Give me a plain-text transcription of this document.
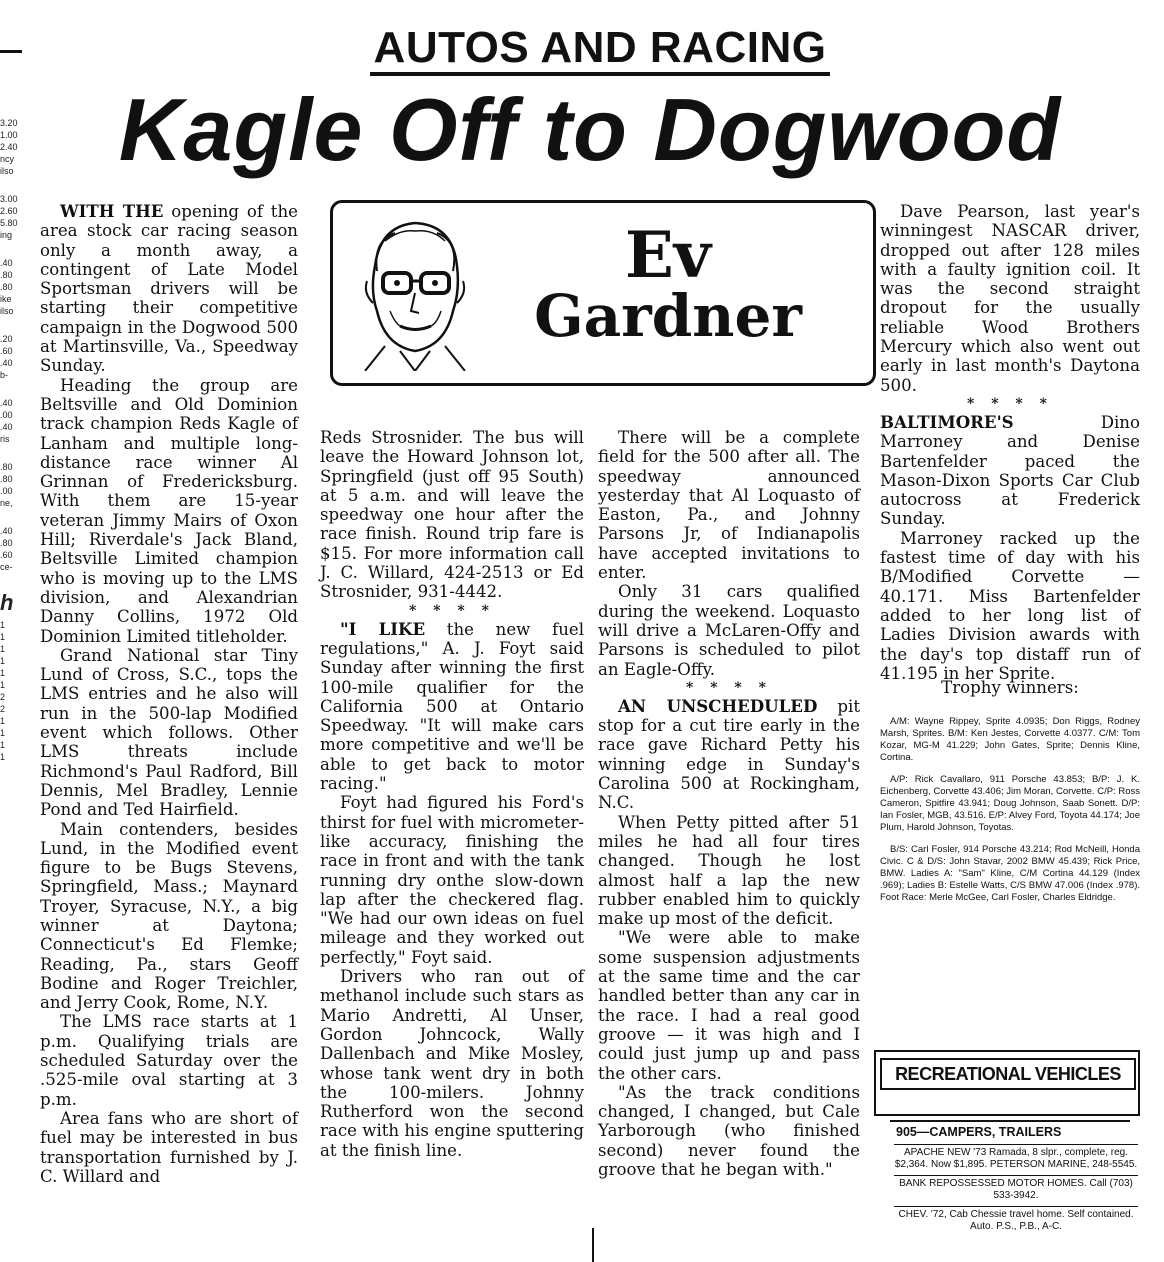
3.20
1.00
2.40
ncy
ilso
3.00
2.60
5.80
ing
.40
.80
.80
ike
ilso
.20
.60
.40
b-
.40
.00
.40
ris
.80
.80
.00
ne,
.40
.80
.60
ce-
h
1
1
1
1
1
1
2
2
1
1
1
1
AUTOS AND RACING
Kagle Off to Dogwood
Ev
Gardner

WITH THE opening of the area stock car racing season only a month away, a contingent of Late Model Sportsman drivers will be starting their competitive campaign in the Dogwood 500 at Martinsville, Va., Speedway Sunday.

Heading the group are Beltsville and Old Dominion track champion Reds Kagle of Lanham and multiple long-distance race winner Al Grinnan of Fredericksburg. With them are 15-year veteran Jimmy Mairs of Oxon Hill; Riverdale's Jack Bland, Beltsville Limited champion who is moving up to the LMS division, and Alexandrian Danny Collins, 1972 Old Dominion Limited titleholder.

Grand National star Tiny Lund of Cross, S.C., tops the LMS entries and he also will run in the 500-lap Modified event which follows. Other LMS threats include Richmond's Paul Radford, Bill Dennis, Mel Bradley, Lennie Pond and Ted Hairfield.

Main contenders, besides Lund, in the Modified event figure to be Bugs Stevens, Springfield, Mass.; Maynard Troyer, Syracuse, N.Y., a big winner at Daytona; Connecticut's Ed Flemke; Reading, Pa., stars Geoff Bodine and Roger Treichler, and Jerry Cook, Rome, N.Y.

The LMS race starts at 1 p.m. Qualifying trials are scheduled Saturday over the .525-mile oval starting at 3 p.m.

Area fans who are short of fuel may be interested in bus transportation furnished by J. C. Willard and

Reds Strosnider. The bus will leave the Howard Johnson lot, Springfield (just off 95 South) at 5 a.m. and will leave the speedway one hour after the race finish. Round trip fare is $15. For more information call J. C. Willard, 424-2513 or Ed Strosnider, 931-4442.

* * * *

"I LIKE the new fuel regulations," A. J. Foyt said Sunday after winning the first 100-mile qualifier for the California 500 at Ontario Speedway. "It will make cars more competitive and we'll be able to get back to motor racing."

Foyt had figured his Ford's thirst for fuel with micrometer-like accuracy, finishing the race in front and with the tank running dry onthe slow-down lap after the checkered flag. "We had our own ideas on fuel mileage and they worked out perfectly," Foyt said.

Drivers who ran out of methanol include such stars as Mario Andretti, Al Unser, Gordon Johncock, Wally Dallenbach and Mike Mosley, whose tank went dry in both the 100-milers. Johnny Rutherford won the second race with his engine sputtering at the finish line.

There will be a complete field for the 500 after all. The speedway announced yesterday that Al Loquasto of Easton, Pa., and Johnny Parsons Jr, of Indianapolis have accepted invitations to enter.

Only 31 cars qualified during the weekend. Loquasto will drive a McLaren-Offy and Parsons is scheduled to pilot an Eagle-Offy.

* * * *

AN UNSCHEDULED pit stop for a cut tire early in the race gave Richard Petty his winning edge in Sunday's Carolina 500 at Rockingham, N.C.

When Petty pitted after 51 miles he had all four tires changed. Though he lost almost half a lap the new rubber enabled him to quickly make up most of the deficit.

"We were able to make some suspension adjustments at the same time and the car handled better than any car in the race. I had a real good groove — it was high and I could just jump up and pass the other cars.

"As the track conditions changed, I changed, but Cale Yarborough (who finished second) never found the groove that he began with."

Dave Pearson, last year's winningest NASCAR driver, dropped out after 128 miles with a faulty ignition coil. It was the second straight dropout for the usually reliable Wood Brothers Mercury which also went out early in last month's Daytona 500.

* * * *

BALTIMORE'S Dino Marroney and Denise Bartenfelder paced the Mason-Dixon Sports Car Club autocross at Frederick Sunday.

Marroney racked up the fastest time of day with his B/Modified Corvette — 40.171. Miss Bartenfelder added to her long list of Ladies Division awards with the day's top distaff run of 41.195 in her Sprite.

Trophy winners:

A/M: Wayne Rippey, Sprite 4.0935; Don Riggs, Rodney Marsh, Sprites. B/M: Ken Jestes, Corvette 4.0377. C/M: Tom Kozar, MG-M 41.229; John Gates, Sprite; Dennis Kline, Cortina.

A/P: Rick Cavallaro, 911 Porsche 43.853; B/P: J. K. Eichenberg, Corvette 43.406; Jim Moran, Corvette. C/P: Ross Cameron, Spitfire 43.941; Doug Johnson, Saab Sonett. D/P: Ian Fosler, MGB, 43.516. E/P: Alvey Ford, Toyota 44.174; Joe Plum, Harold Johnson, Toyotas.

B/S: Carl Fosler, 914 Porsche 43.214; Rod McNeill, Honda Civic. C & D/S: John Stavar, 2002 BMW 45.439; Rick Price, BMW. Ladies A: "Sam" Kline, C/M Cortina 44.129 (Index .969); Ladies B: Estelle Watts, C/S BMW 47.006 (Index .978). Foot Race: Merle McGee, Carl Fosler, Charles Eldridge.

RECREATIONAL VEHICLES
905—CAMPERS, TRAILERS
APACHE NEW '73 Ramada, 8 slpr., complete, reg. $2,364. Now $1,895. PETERSON MARINE, 248-5545.
BANK REPOSSESSED MOTOR HOMES. Call (703) 533-3942.
CHEV. '72, Cab Chessie travel home. Self contained. Auto. P.S., P.B., A-C.
